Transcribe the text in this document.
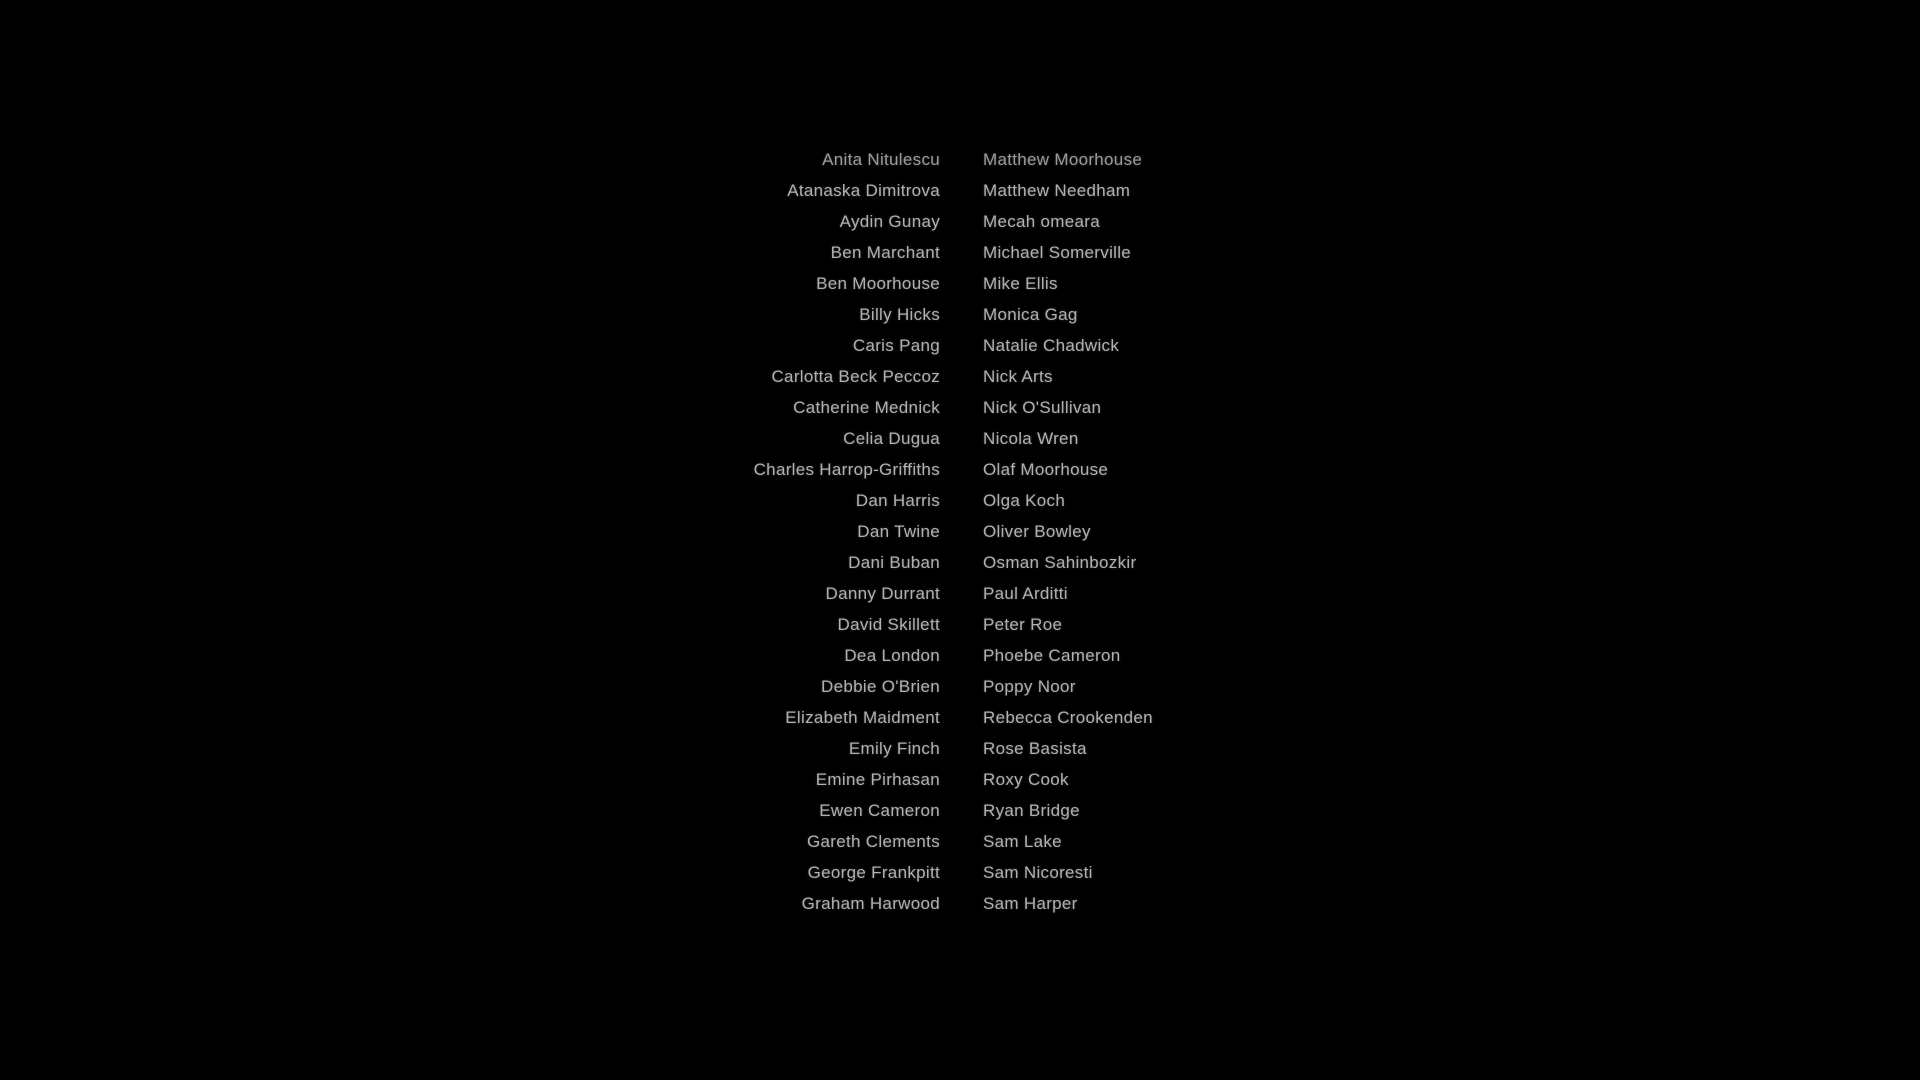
Anita Nitulescu	Matthew Moorhouse
Atanaska Dimitrova	Matthew Needham
Aydin Gunay	Mecah omeara
Ben Marchant	Michael Somerville
Ben Moorhouse	Mike Ellis
Billy Hicks	Monica Gag
Caris Pang	Natalie Chadwick
Carlotta Beck Peccoz	Nick Arts
Catherine Mednick	Nick O'Sullivan
Celia Dugua	Nicola Wren
Charles Harrop-Griffiths	Olaf Moorhouse
Dan Harris	Olga Koch
Dan Twine	Oliver Bowley
Dani Buban	Osman Sahinbozkir
Danny Durrant	Paul Arditti
David Skillett	Peter Roe
Dea London	Phoebe Cameron
Debbie O'Brien	Poppy Noor
Elizabeth Maidment	Rebecca Crookenden
Emily Finch	Rose Basista
Emine Pirhasan	Roxy Cook
Ewen Cameron	Ryan Bridge
Gareth Clements	Sam Lake
George Frankpitt	Sam Nicoresti
Graham Harwood	Sam Harper
